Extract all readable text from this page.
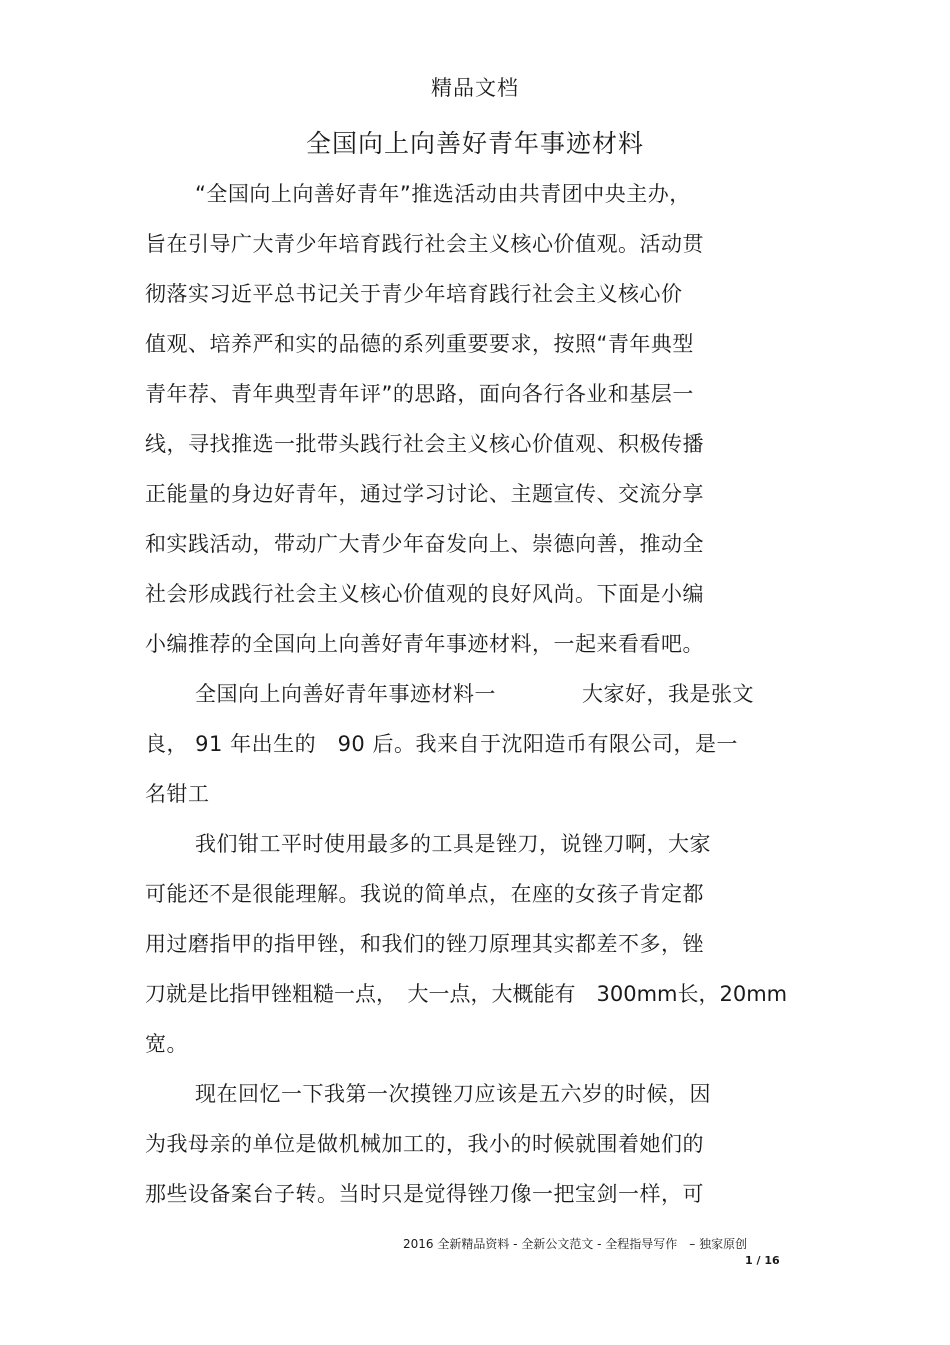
精品文档
全国向上向善好青年事迹材料
“全国向上向善好青年”推选活动由共青团中央主办，
旨在引导广大青少年培育践行社会主义核心价值观。活动贯
彻落实习近平总书记关于青少年培育践行社会主义核心价
值观、培养严和实的品德的系列重要要求，按照“青年典型
青年荐、青年典型青年评”的思路，面向各行各业和基层一
线，寻找推选一批带头践行社会主义核心价值观、积极传播
正能量的身边好青年，通过学习讨论、主题宣传、交流分享
和实践活动，带动广大青少年奋发向上、崇德向善，推动全
社会形成践行社会主义核心价值观的良好风尚。下面是小编
小编推荐的全国向上向善好青年事迹材料，一起来看看吧。
全国向上向善好青年事迹材料一　　　　大家好，我是张文
良， 91 年出生的　90 后。我来自于沈阳造币有限公司，是一
名钳工
我们钳工平时使用最多的工具是锉刀，说锉刀啊，大家
可能还不是很能理解。我说的简单点，在座的女孩子肯定都
用过磨指甲的指甲锉，和我们的锉刀原理其实都差不多，锉
刀就是比指甲锉粗糙一点，　大一点，大概能有　300mm长，20mm
宽。
现在回忆一下我第一次摸锉刀应该是五六岁的时候，因
为我母亲的单位是做机械加工的，我小的时候就围着她们的
那些设备案台子转。当时只是觉得锉刀像一把宝剑一样，可
2016 全新精品资料 - 全新公文范文 - 全程指导写作　– 独家原创
1 / 16
